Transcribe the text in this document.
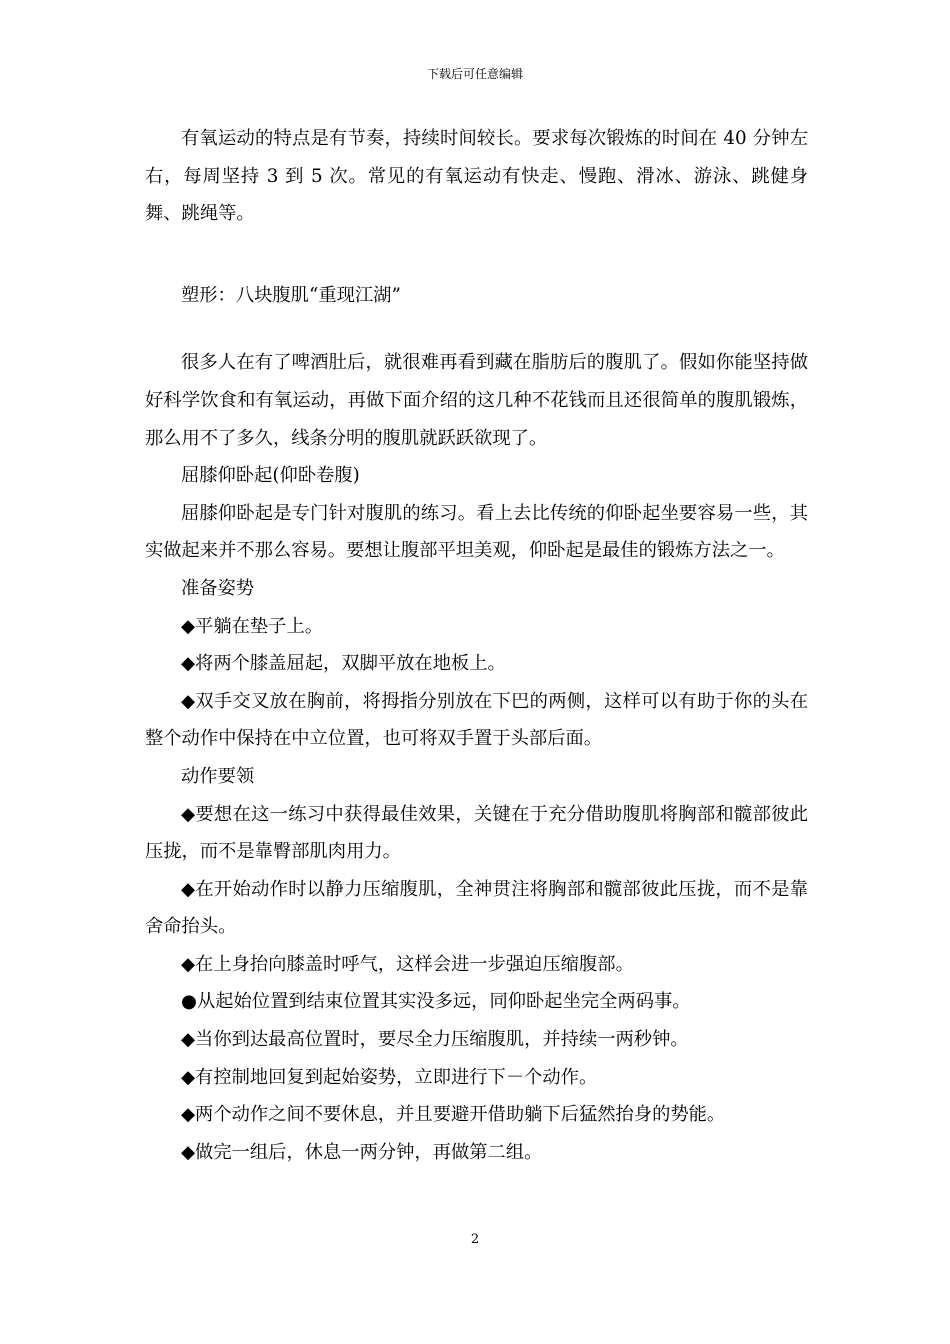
下载后可任意编辑

有氧运动的特点是有节奏，持续时间较长。要求每次锻炼的时间在 40 分钟左右，每周坚持 3 到 5 次。常见的有氧运动有快走、慢跑、滑冰、游泳、跳健身舞、跳绳等。

塑形：八块腹肌“重现江湖”

很多人在有了啤酒肚后，就很难再看到藏在脂肪后的腹肌了。假如你能坚持做好科学饮食和有氧运动，再做下面介绍的这几种不花钱而且还很简单的腹肌锻炼，那么用不了多久，线条分明的腹肌就跃跃欲现了。

屈膝仰卧起(仰卧卷腹)

屈膝仰卧起是专门针对腹肌的练习。看上去比传统的仰卧起坐要容易一些，其实做起来并不那么容易。要想让腹部平坦美观，仰卧起是最佳的锻炼方法之一。

准备姿势

◆平躺在垫子上。

◆将两个膝盖屈起，双脚平放在地板上。

◆双手交叉放在胸前，将拇指分别放在下巴的两侧，这样可以有助于你的头在整个动作中保持在中立位置，也可将双手置于头部后面。

动作要领

◆要想在这一练习中获得最佳效果，关键在于充分借助腹肌将胸部和髋部彼此压拢，而不是靠臀部肌肉用力。

◆在开始动作时以静力压缩腹肌，全神贯注将胸部和髋部彼此压拢，而不是靠舍命抬头。

◆在上身抬向膝盖时呼气，这样会进一步强迫压缩腹部。

●从起始位置到结束位置其实没多远，同仰卧起坐完全两码事。

◆当你到达最高位置时，要尽全力压缩腹肌，并持续一两秒钟。

◆有控制地回复到起始姿势，立即进行下－个动作。

◆两个动作之间不要休息，并且要避开借助躺下后猛然抬身的势能。

◆做完一组后，休息一两分钟，再做第二组。

2
